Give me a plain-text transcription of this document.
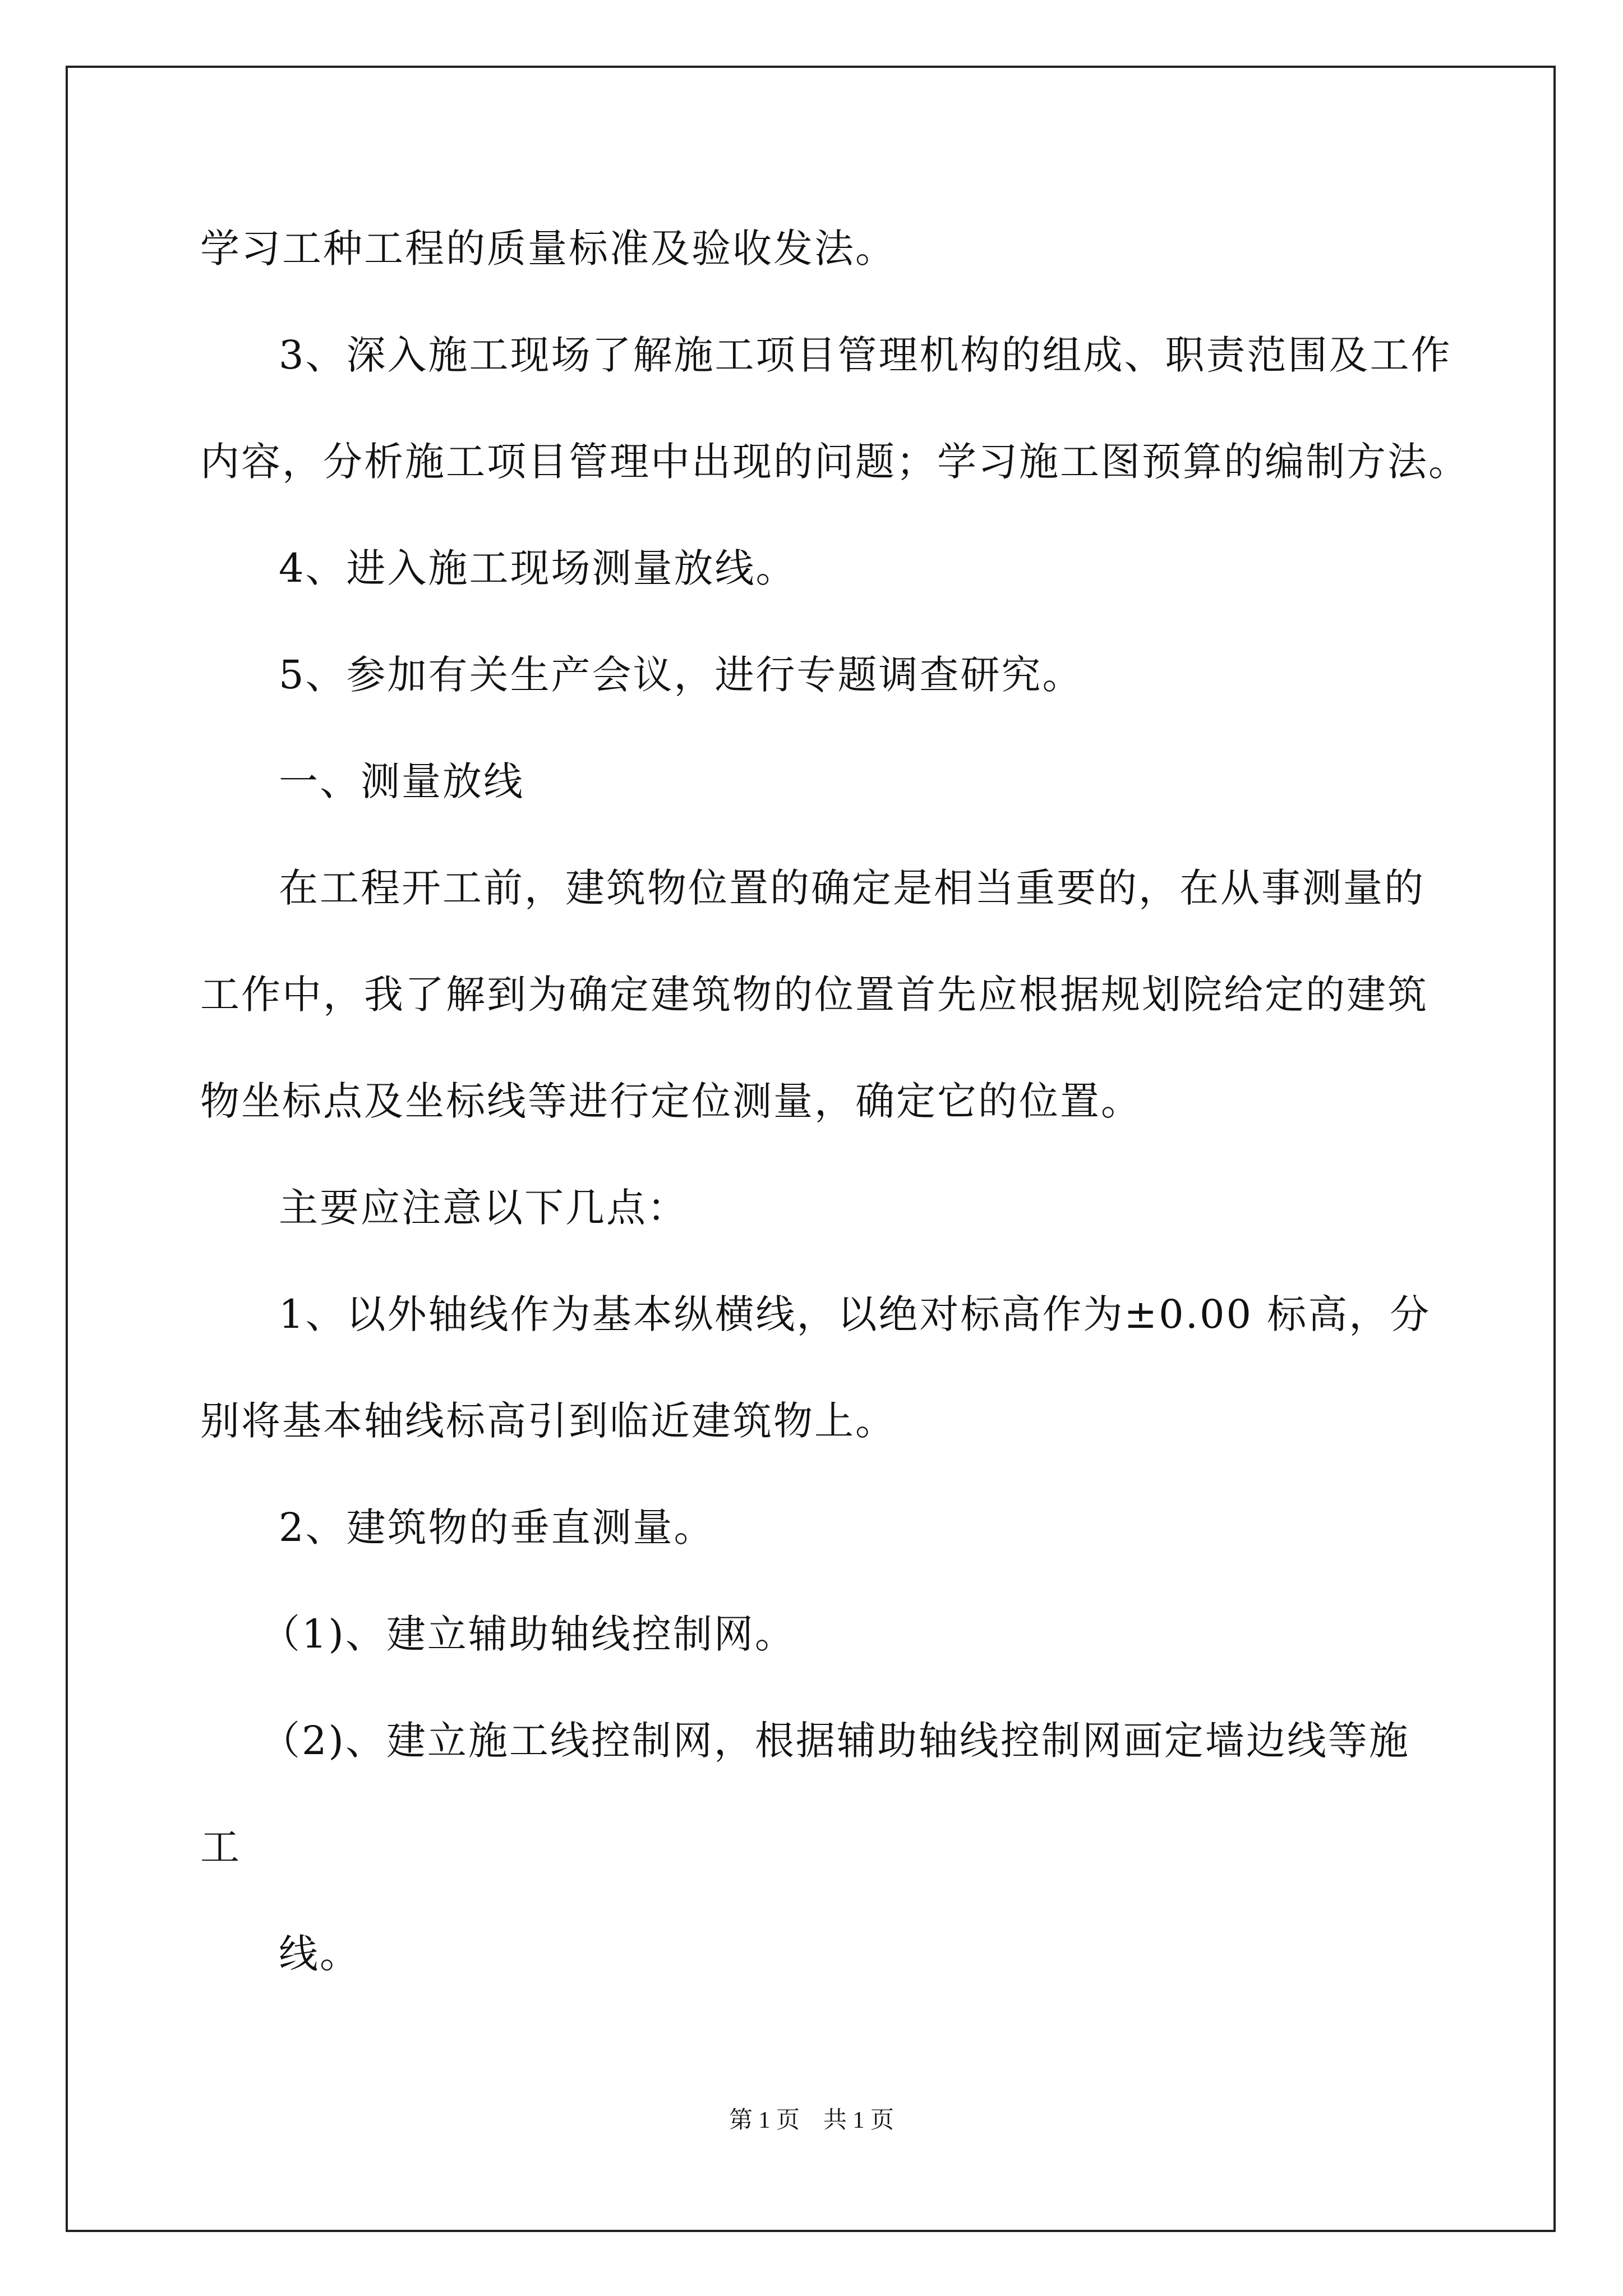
学习工种工程的质量标准及验收发法。
3、深入施工现场了解施工项目管理机构的组成、职责范围及工作
内容，分析施工项目管理中出现的问题；学习施工图预算的编制方法。
4、进入施工现场测量放线。
5、参加有关生产会议，进行专题调查研究。
一、测量放线
在工程开工前，建筑物位置的确定是相当重要的，在从事测量的
工作中，我了解到为确定建筑物的位置首先应根据规划院给定的建筑
物坐标点及坐标线等进行定位测量，确定它的位置。
主要应注意以下几点：
1、以外轴线作为基本纵横线，以绝对标高作为±0.00 标高，分
别将基本轴线标高引到临近建筑物上。
2、建筑物的垂直测量。
（1)、建立辅助轴线控制网。
（2)、建立施工线控制网，根据辅助轴线控制网画定墙边线等施
工
线。
第 1 页　共 1 页
